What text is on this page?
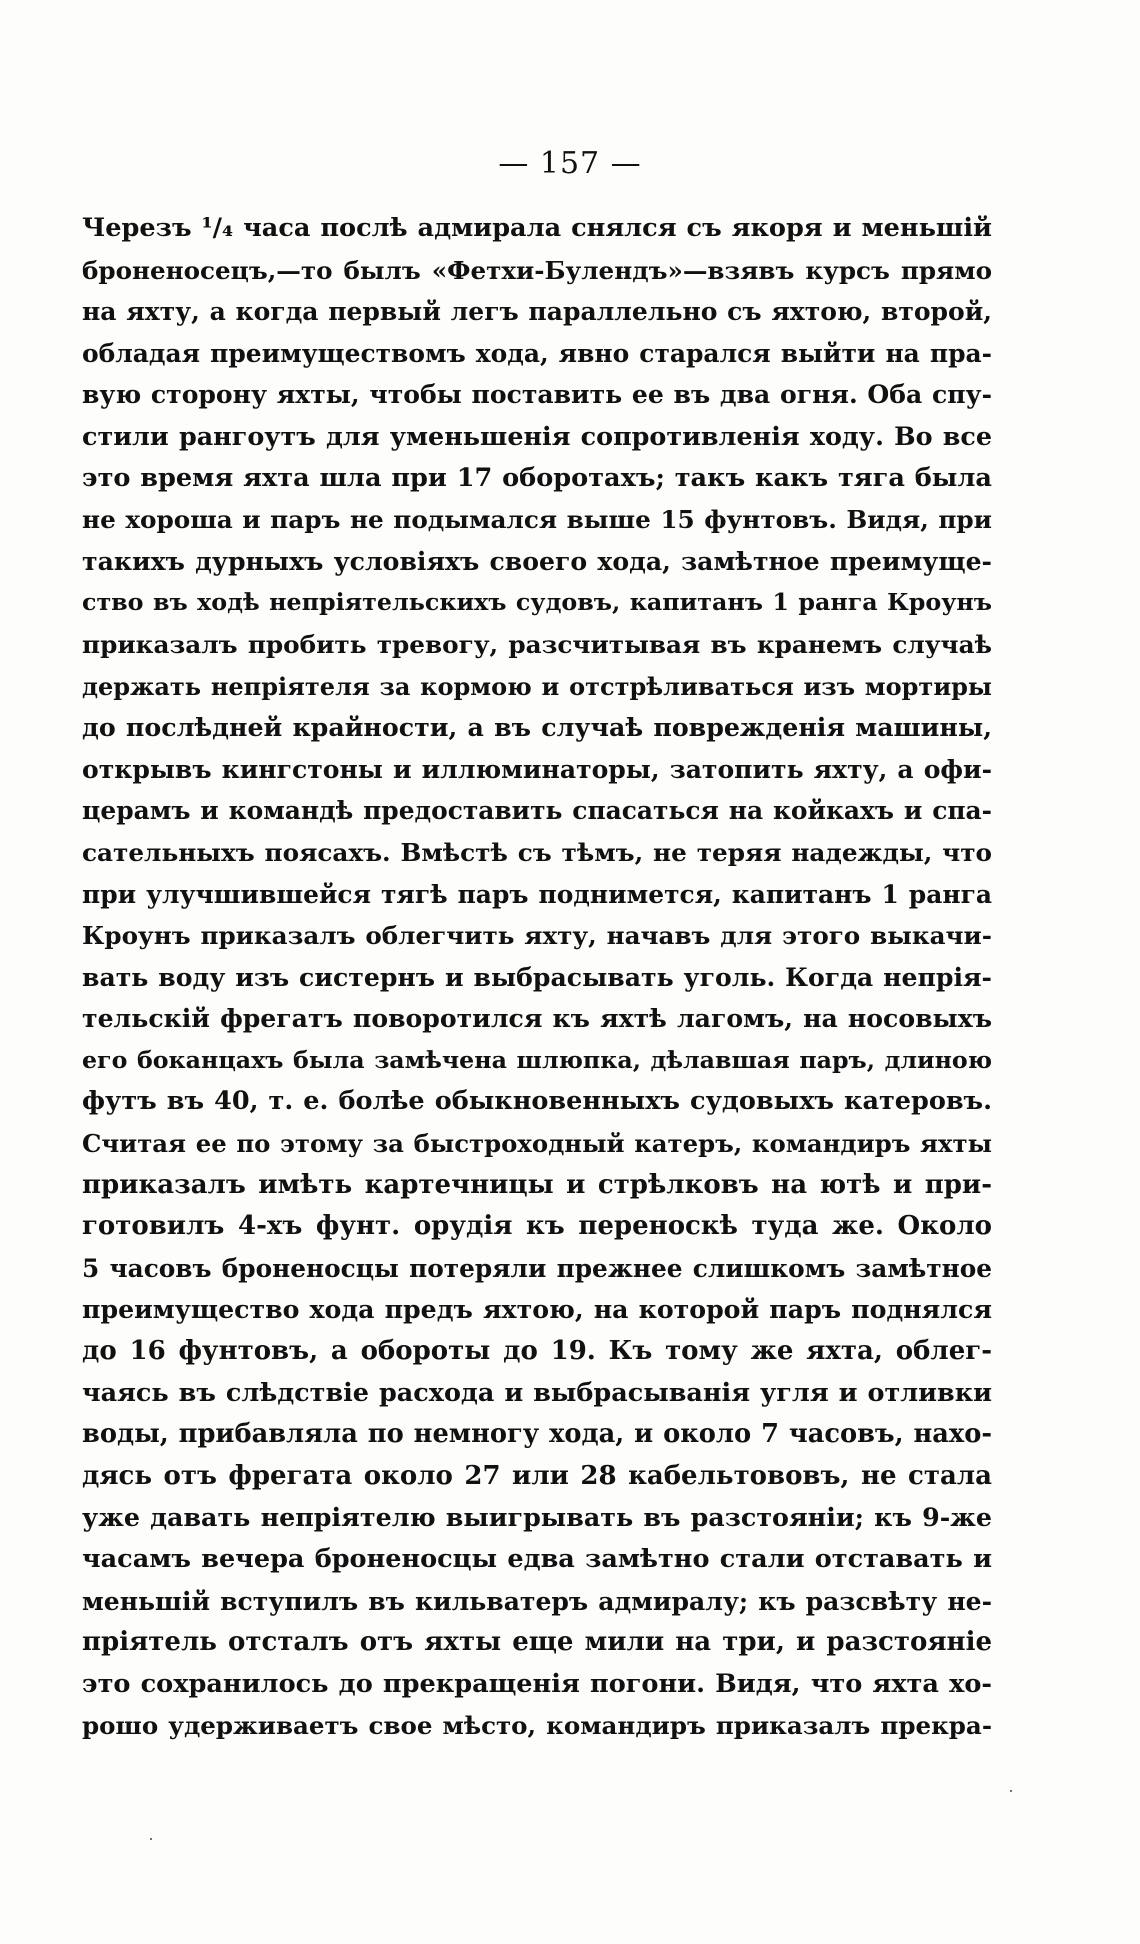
— 157 —
Черезъ ¹/₄ часа послѣ адмирала снялся съ якоря и меньшій
броненосецъ,—то былъ «Фетхи-Булендъ»—взявъ курсъ прямо
на яхту, а когда первый легъ параллельно съ яхтою, второй,
обладая преимуществомъ хода, явно старался выйти на пра-
вую сторону яхты, чтобы поставить ее въ два огня. Оба спу-
стили рангоутъ для уменьшенія сопротивленія ходу. Во все
это время яхта шла при 17 оборотахъ; такъ какъ тяга была
не хороша и паръ не подымался выше 15 фунтовъ. Видя, при
такихъ дурныхъ условіяхъ своего хода, замѣтное преимуще-
ство въ ходѣ непріятельскихъ судовъ, капитанъ 1 ранга Кроунъ
приказалъ пробить тревогу, разсчитывая въ кранемъ случаѣ
держать непріятеля за кормою и отстрѣливаться изъ мортиры
до послѣдней крайности, а въ случаѣ поврежденія машины,
открывъ кингстоны и иллюминаторы, затопить яхту, а офи-
церамъ и командѣ предоставить спасаться на койкахъ и спа-
сательныхъ поясахъ. Вмѣстѣ съ тѣмъ, не теряя надежды, что
при улучшившейся тягѣ паръ поднимется, капитанъ 1 ранга
Кроунъ приказалъ облегчить яхту, начавъ для этого выкачи-
вать воду изъ систернъ и выбрасывать уголь. Когда непрія-
тельскій фрегатъ поворотился къ яхтѣ лагомъ, на носовыхъ
его боканцахъ была замѣчена шлюпка, дѣлавшая паръ, длиною
футъ въ 40, т. е. болѣе обыкновенныхъ судовыхъ катеровъ.
Считая ее по этому за быстроходный катеръ, командиръ яхты
приказалъ имѣть картечницы и стрѣлковъ на ютѣ и при-
готовилъ 4-хъ фунт. орудія къ переноскѣ туда же. Около
5 часовъ броненосцы потеряли прежнее слишкомъ замѣтное
преимущество хода предъ яхтою, на которой паръ поднялся
до 16 фунтовъ, а обороты до 19. Къ тому же яхта, облег-
чаясь въ слѣдствіе расхода и выбрасыванія угля и отливки
воды, прибавляла по немногу хода, и около 7 часовъ, нахо-
дясь отъ фрегата около 27 или 28 кабельтововъ, не стала
уже давать непріятелю выигрывать въ разстояніи; къ 9-же
часамъ вечера броненосцы едва замѣтно стали отставать и
меньшій вступилъ въ кильватеръ адмиралу; къ разсвѣту не-
пріятель отсталъ отъ яхты еще мили на три, и разстояніе
это сохранилось до прекращенія погони. Видя, что яхта хо-
рошо удерживаетъ свое мѣсто, командиръ приказалъ прекра-
